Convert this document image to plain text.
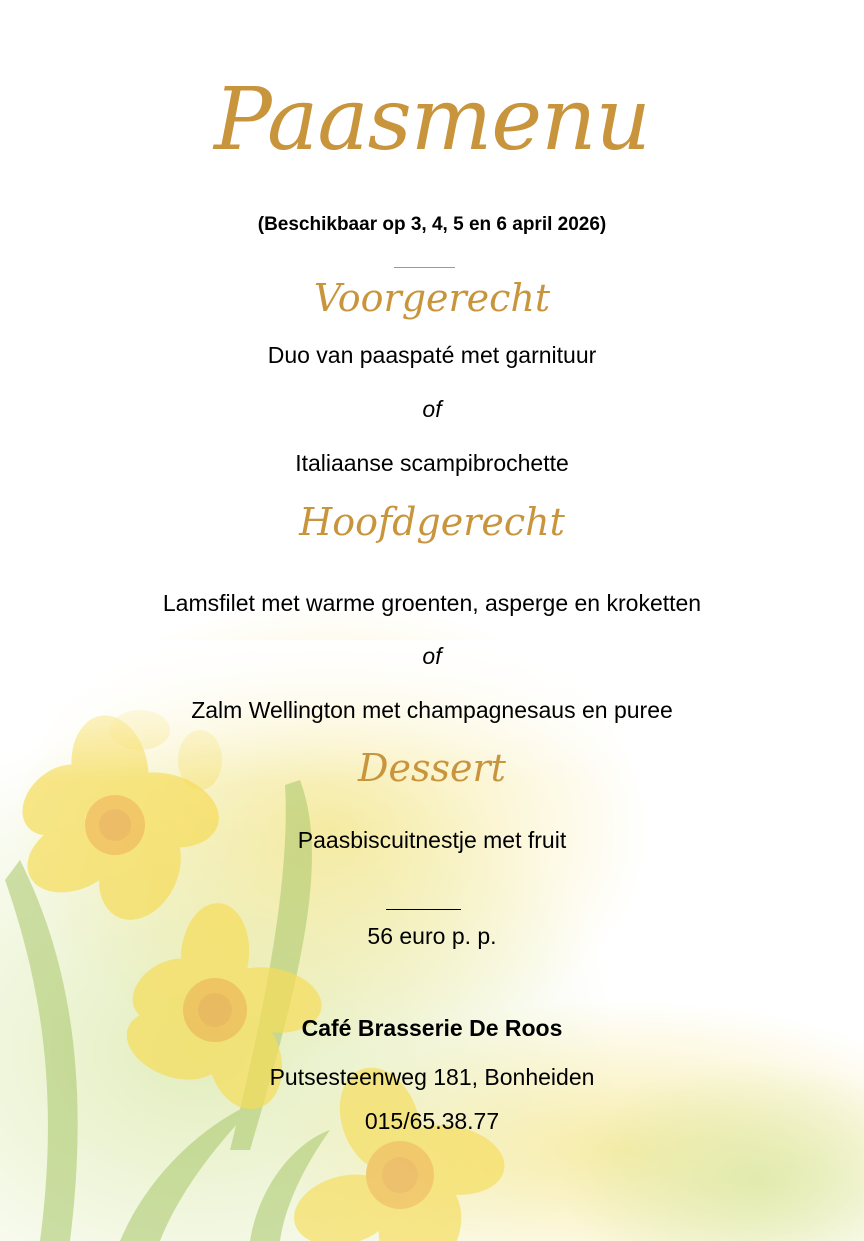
Paasmenu
(Beschikbaar op 3, 4, 5 en 6 april 2026)
Voorgerecht
Duo van paaspaté met garnituur
of
Italiaanse scampibrochette
Hoofdgerecht
Lamsfilet met warme groenten, asperge en kroketten
of
Zalm Wellington met champagnesaus en puree
Dessert
Paasbiscuitnestje met fruit
56 euro p. p.
Café Brasserie De Roos
Putsesteenweg 181, Bonheiden
015/65.38.77
